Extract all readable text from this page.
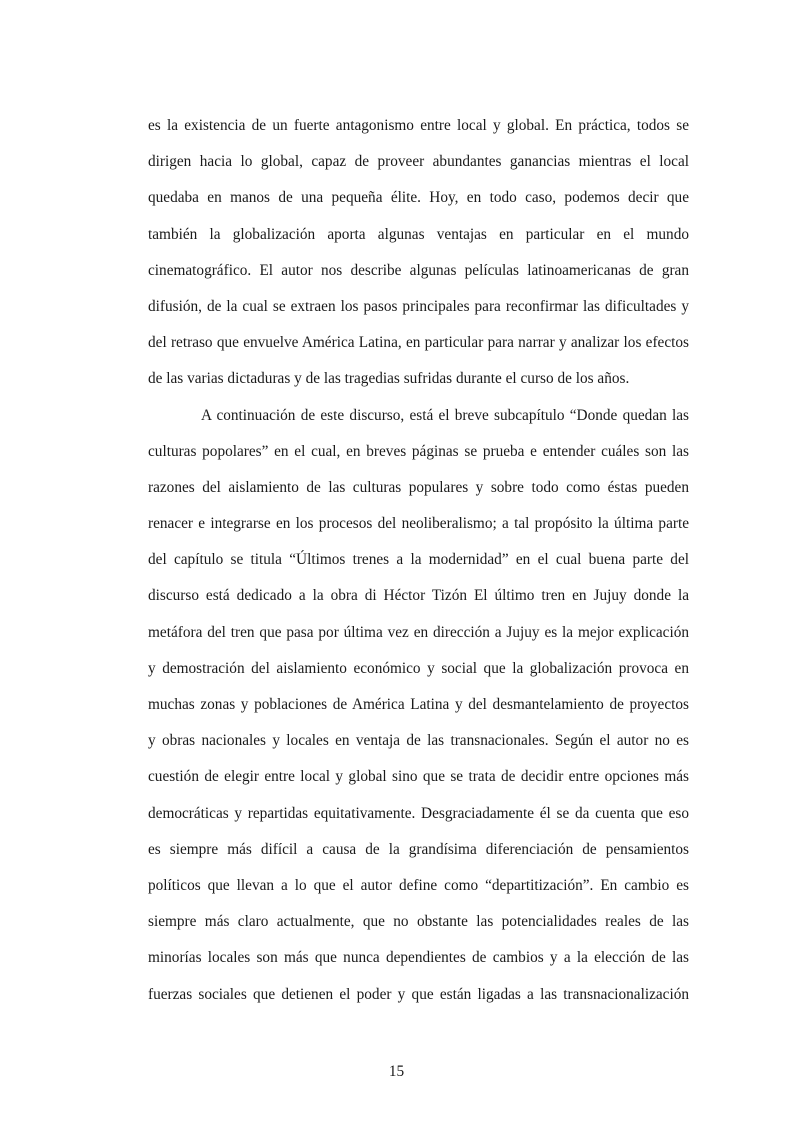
es la existencia de un fuerte antagonismo entre local y global. En práctica, todos se
dirigen hacia lo global, capaz de proveer abundantes ganancias mientras el local
quedaba en manos de una pequeña élite. Hoy, en todo caso, podemos decir que
también la globalización aporta algunas ventajas en particular en el mundo
cinematográfico. El autor nos describe algunas películas latinoamericanas de gran
difusión, de la cual se extraen los pasos principales para reconfirmar las dificultades y
del retraso que envuelve América Latina, en particular para narrar y analizar los efectos
de las varias dictaduras y de las tragedias sufridas durante el curso de los años.
A continuación de este discurso, está el breve subcapítulo “Donde quedan las
culturas popolares” en el cual, en breves páginas se prueba e entender cuáles son las
razones del aislamiento de las culturas populares y sobre todo como éstas pueden
renacer e integrarse en los procesos del neoliberalismo; a tal propósito la última parte
del capítulo se titula “Últimos trenes a la modernidad” en el cual buena parte del
discurso está dedicado a la obra di Héctor Tizón El último tren en Jujuy donde la
metáfora del tren que pasa por última vez en dirección a Jujuy es la mejor explicación
y demostración del aislamiento económico y social que la globalización provoca en
muchas zonas y poblaciones de América Latina y del desmantelamiento de proyectos
y obras nacionales y locales en ventaja de las transnacionales. Según el autor no es
cuestión de elegir entre local y global sino que se trata de decidir entre opciones más
democráticas y repartidas equitativamente. Desgraciadamente él se da cuenta que eso
es siempre más difícil a causa de la grandísima diferenciación de pensamientos
políticos que llevan a lo que el autor define como “departitización”. En cambio es
siempre más claro actualmente, que no obstante las potencialidades reales de las
minorías locales son más que nunca dependientes de cambios y a la elección de las
fuerzas sociales que detienen el poder y que están ligadas a las transnacionalización
15
